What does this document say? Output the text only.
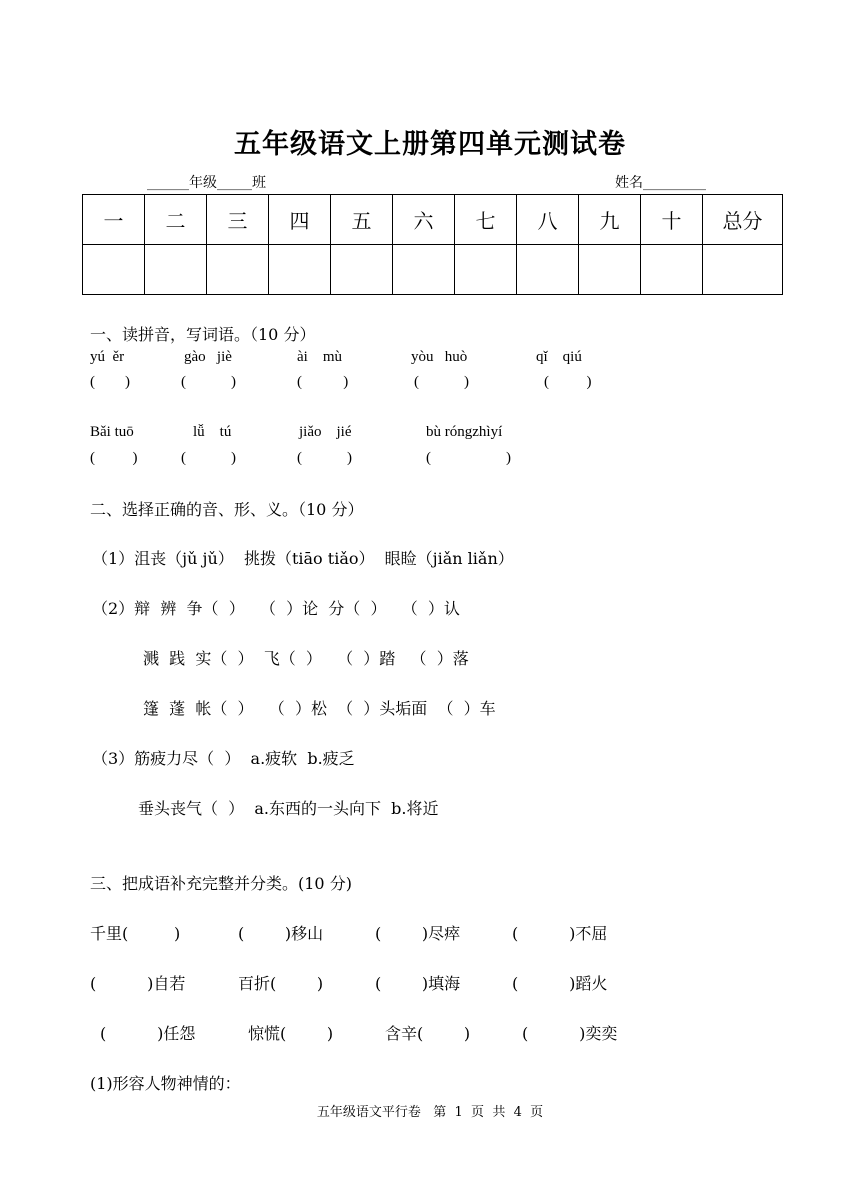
五年级语文上册第四单元测试卷
______年级_____班	姓名_________
一	二	三	四	五	六	七	八	九	十	总分

一、读拼音，写词语。（10 分）
yú  ěr	gào   jiè	ài    mù	yòu   huò	qǐ    qiú
(        )	(            )	(           )	(            )	(          )
Bǎi tuō	lǚ    tú	jiǎo    jié	bù róngzhìyí
(          )	(            )	(            )	(                    )
二、选择正确的音、形、义。（10 分）
（1）沮丧（jǔ jǔ）  挑拨（tiāo tiǎo）  眼睑（jiǎn liǎn）
（2）辩  辨  争（  ）   （  ）论  分（  ）   （  ）认
溅  践  实（  ）  飞（  ）   （  ）踏   （  ）落
篷  蓬  帐（  ）   （  ）松  （  ）头垢面  （  ）车
（3）筋疲力尽（  ）  a.疲软  b.疲乏
垂头丧气（  ）  a.东西的一头向下  b.将近
三、把成语补充完整并分类。(10 分)
千里(         )	(        )移山	(        )尽瘁	(          )不屈
(          )自若	百折(        )	(        )填海	(          )蹈火
(          )任怨	惊慌(        )	含辛(        )	(          )奕奕
(1)形容人物神情的：
五年级语文平行卷   第  1  页  共  4  页
